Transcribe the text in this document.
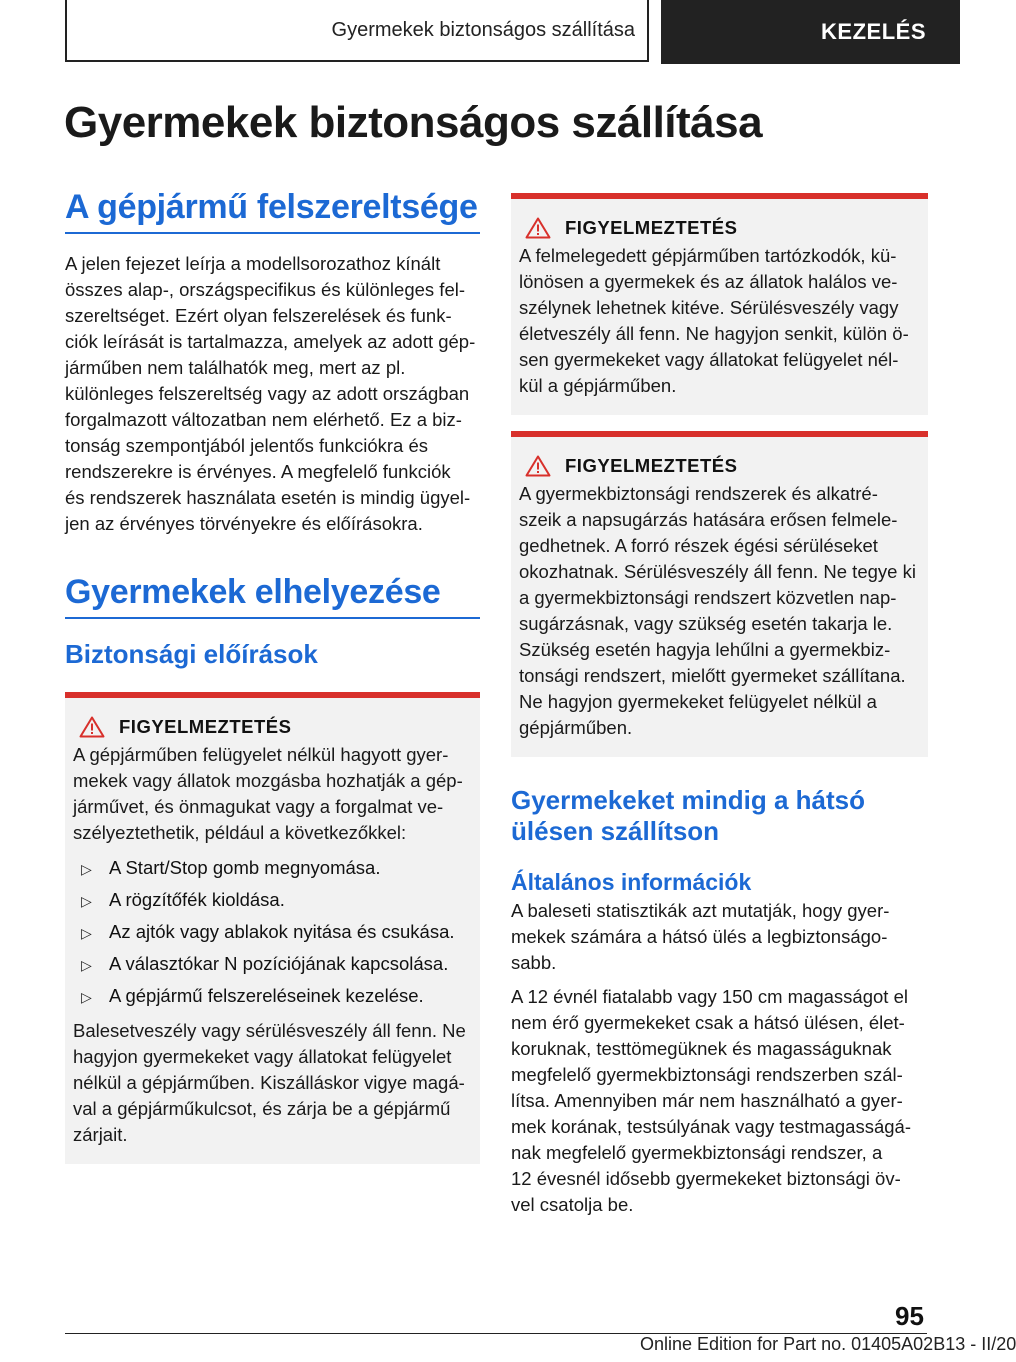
Gyermekek biztonságos szállítása	KEZELÉS
Gyermekek biztonságos szállítása
A gépjármű felszereltsége

A jelen fejezet leírja a modellsorozathoz kínált
összes alap-, országspecifikus és különleges fel-
szereltséget. Ezért olyan felszerelések és funk-
ciók leírását is tartalmazza, amelyek az adott gép-
járműben nem találhatók meg, mert az pl.
különleges felszereltség vagy az adott országban
forgalmazott változatban nem elérhető. Ez a biz-
tonság szempontjából jelentős funkciókra és
rendszerekre is érvényes. A megfelelő funkciók
és rendszerek használata esetén is mindig ügyel-
jen az érvényes törvényekre és előírásokra.

Gyermekek elhelyezése
Biztonsági előírások
FIGYELMEZTETÉS

A gépjárműben felügyelet nélkül hagyott gyer-
mekek vagy állatok mozgásba hozhatják a gép-
járművet, és önmagukat vagy a forgalmat ve-
szélyeztethetik, például a következőkkel:

▷ A Start/Stop gomb megnyomása.
▷ A rögzítőfék kioldása.
▷ Az ajtók vagy ablakok nyitása és csukása.
▷ A választókar N pozíciójának kapcsolása.
▷ A gépjármű felszereléseinek kezelése.

Balesetveszély vagy sérülésveszély áll fenn. Ne
hagyjon gyermekeket vagy állatokat felügyelet
nélkül a gépjárműben. Kiszálláskor vigye magá-
val a gépjárműkulcsot, és zárja be a gépjármű
zárjait.

FIGYELMEZTETÉS

A felmelegedett gépjárműben tartózkodók, kü-
lönösen a gyermekek és az állatok halálos ve-
szélynek lehetnek kitéve. Sérülésveszély vagy
életveszély áll fenn. Ne hagyjon senkit, külön ö-
sen gyermekeket vagy állatokat felügyelet nél-
kül a gépjárműben.

FIGYELMEZTETÉS

A gyermekbiztonsági rendszerek és alkatré-
szeik a napsugárzás hatására erősen felmele-
gedhetnek. A forró részek égési sérüléseket
okozhatnak. Sérülésveszély áll fenn. Ne tegye ki
a gyermekbiztonsági rendszert közvetlen nap-
sugárzásnak, vagy szükség esetén takarja le.
Szükség esetén hagyja lehűlni a gyermekbiz-
tonsági rendszert, mielőtt gyermeket szállítana.
Ne hagyjon gyermekeket felügyelet nélkül a
gépjárműben.

Gyermekeket mindig a hátsó
ülésen szállítson
Általános információk

A baleseti statisztikák azt mutatják, hogy gyer-
mekek számára a hátsó ülés a legbiztonságo-
sabb.

A 12 évnél fiatalabb vagy 150 cm magasságot el
nem érő gyermekeket csak a hátsó ülésen, élet-
koruknak, testtömegüknek és magasságuknak
megfelelő gyermekbiztonsági rendszerben szál-
lítsa. Amennyiben már nem használható a gyer-
mek korának, testsúlyának vagy testmagasságá-
nak megfelelő gyermekbiztonsági rendszer, a
12 évesnél idősebb gyermekeket biztonsági öv-
vel csatolja be.

95
Online Edition for Part no. 01405A02B13 - II/20
